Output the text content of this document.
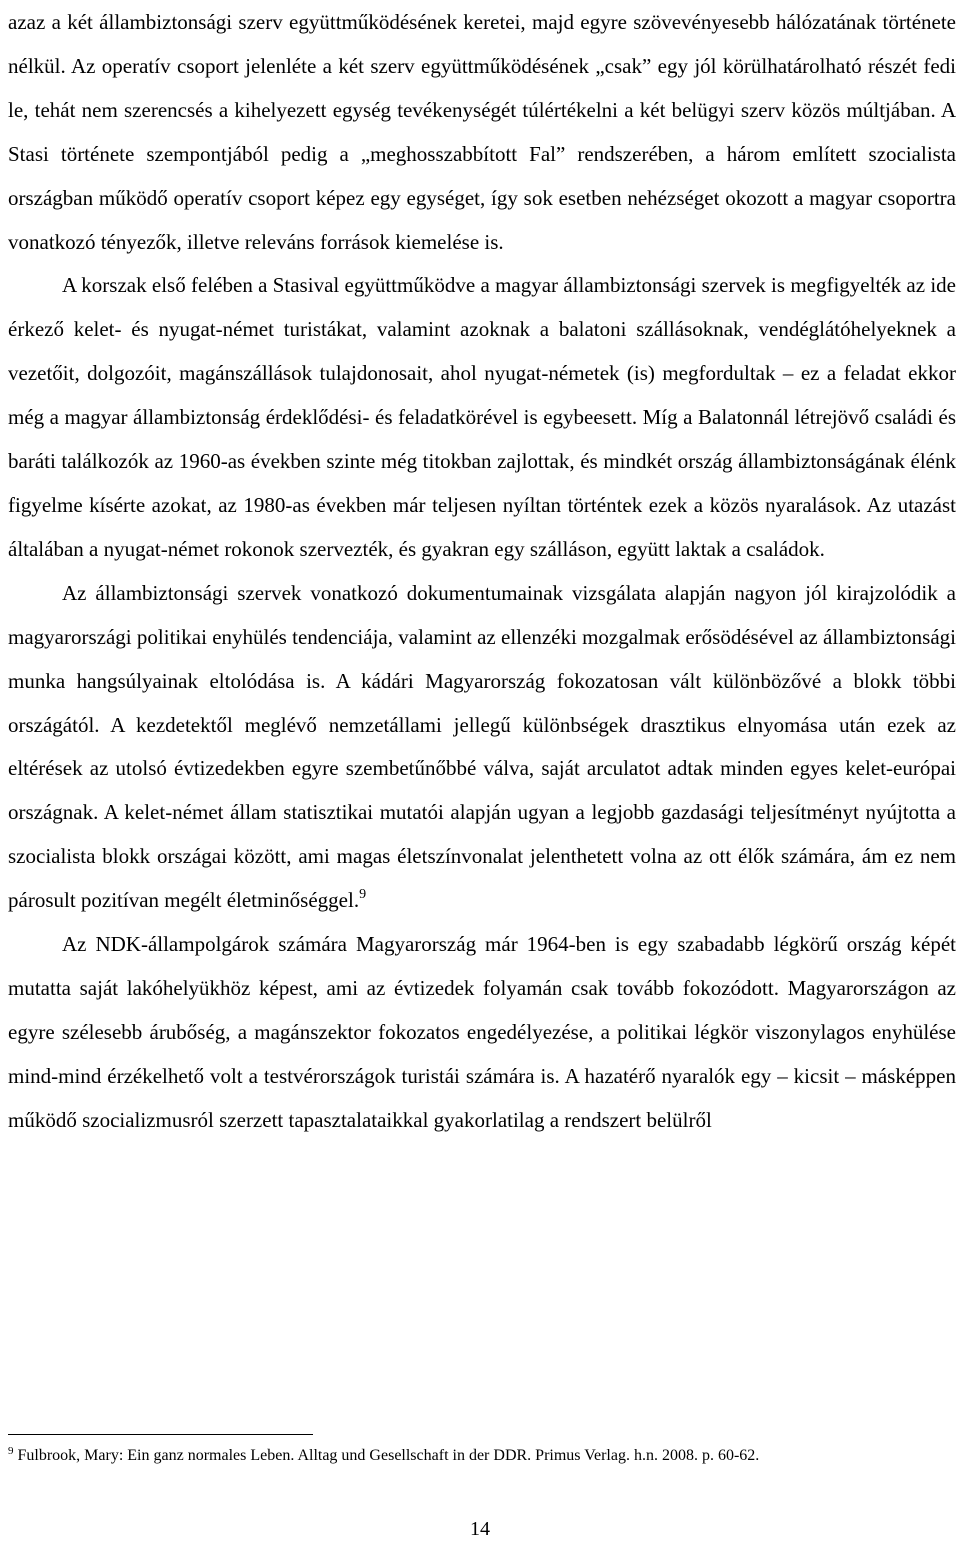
azaz a két állambiztonsági szerv együttműködésének keretei, majd egyre szövevényesebb hálózatának története nélkül. Az operatív csoport jelenléte a két szerv együttműködésének „csak” egy jól körülhatárolható részét fedi le, tehát nem szerencsés a kihelyezett egység tevékenységét túlértékelni a két belügyi szerv közös múltjában. A Stasi története szempontjából pedig a „meghosszabbított Fal” rendszerében, a három említett szocialista országban működő operatív csoport képez egy egységet, így sok esetben nehézséget okozott a magyar csoportra vonatkozó tényezők, illetve releváns források kiemelése is.

A korszak első felében a Stasival együttműködve a magyar állambiztonsági szervek is megfigyelték az ide érkező kelet- és nyugat-német turistákat, valamint azoknak a balatoni szállásoknak, vendéglátóhelyeknek a vezetőit, dolgozóit, magánszállások tulajdonosait, ahol nyugat-németek (is) megfordultak – ez a feladat ekkor még a magyar állambiztonság érdeklődési- és feladatkörével is egybeesett. Míg a Balatonnál létrejövő családi és baráti találkozók az 1960-as években szinte még titokban zajlottak, és mindkét ország állambiztonságának élénk figyelme kísérte azokat, az 1980-as években már teljesen nyíltan történtek ezek a közös nyaralások. Az utazást általában a nyugat-német rokonok szervezték, és gyakran egy szálláson, együtt laktak a családok.

Az állambiztonsági szervek vonatkozó dokumentumainak vizsgálata alapján nagyon jól kirajzolódik a magyarországi politikai enyhülés tendenciája, valamint az ellenzéki mozgalmak erősödésével az állambiztonsági munka hangsúlyainak eltolódása is. A kádári Magyarország fokozatosan vált különbözővé a blokk többi országától. A kezdetektől meglévő nemzetállami jellegű különbségek drasztikus elnyomása után ezek az eltérések az utolsó évtizedekben egyre szembetűnőbbé válva, saját arculatot adtak minden egyes kelet-európai országnak. A kelet-német állam statisztikai mutatói alapján ugyan a legjobb gazdasági teljesítményt nyújtotta a szocialista blokk országai között, ami magas életszínvonalat jelenthetett volna az ott élők számára, ám ez nem párosult pozitívan megélt életminőséggel.$^9$

Az NDK-állampolgárok számára Magyarország már 1964-ben is egy szabadabb légkörű ország képét mutatta saját lakóhelyükhöz képest, ami az évtizedek folyamán csak tovább fokozódott. Magyarországon az egyre szélesebb árubőség, a magánszektor fokozatos engedélyezése, a politikai légkör viszonylagos enyhülése mind-mind érzékelhető volt a testvérországok turistái számára is. A hazatérő nyaralók egy – kicsit – másképpen működő szocializmusról szerzett tapasztalataikkal gyakorlatilag a rendszert belülről

$^9$ Fulbrook, Mary: Ein ganz normales Leben. Alltag und Gesellschaft in der DDR. Primus Verlag. h.n. 2008. p. 60-62.
14
